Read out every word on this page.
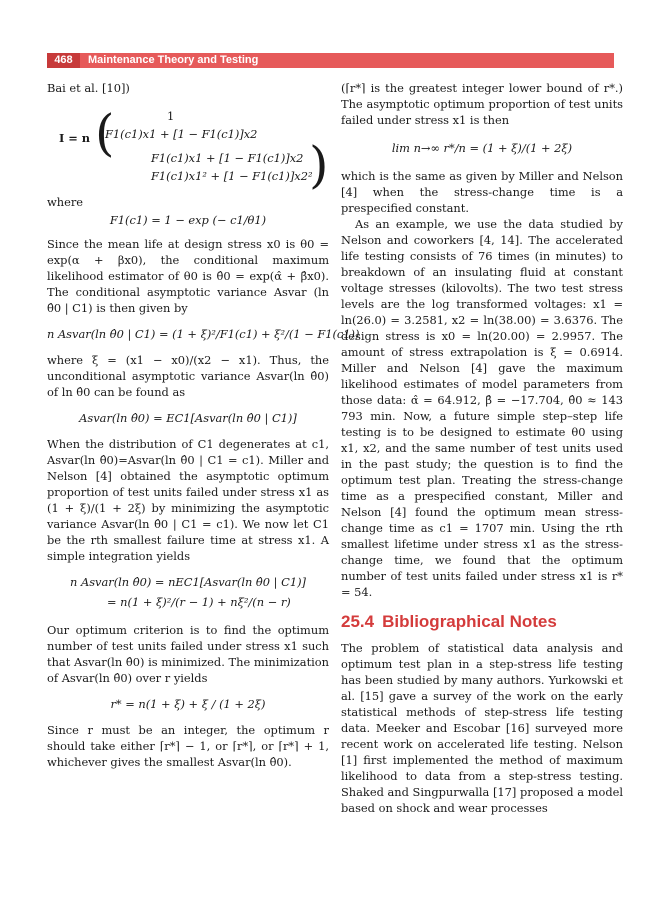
468	Maintenance Theory and Testing

Bai et al. [10])

I = n (	1
F1(c1)x1 + [1 − F1(c1)]x2
F1(c1)x1 + [1 − F1(c1)]x2
F1(c1)x1² + [1 − F1(c1)]x2²
)

where

F1(c1) = 1 − exp (− c1/θ1)

Since the mean life at design stress x0 is θ0 = exp(α + βx0), the conditional maximum likelihood estimator of θ0 is θ̂0 = exp(α̂ + β̂x0). The conditional asymptotic variance Asvar (ln θ̂0 | C1) is then given by

n Asvar(ln θ̂0 | C1) = (1 + ξ)²/F1(c1) + ξ²/(1 − F1(c1))

where ξ = (x1 − x0)/(x2 − x1). Thus, the unconditional asymptotic variance Asvar(ln θ̂0) of ln θ̂0 can be found as

Asvar(ln θ̂0) = EC1[Asvar(ln θ̂0 | C1)]

When the distribution of C1 degenerates at c1, Asvar(ln θ̂0)=Asvar(ln θ̂0 | C1 = c1). Miller and Nelson [4] obtained the asymptotic optimum proportion of test units failed under stress x1 as (1 + ξ)/(1 + 2ξ) by minimizing the asymptotic variance Asvar(ln θ̂0 | C1 = c1). We now let C1 be the rth smallest failure time at stress x1. A simple integration yields

n Asvar(ln θ̂0) = nEC1[Asvar(ln θ̂0 | C1)]
= n(1 + ξ)²/(r − 1) + nξ²/(n − r)

Our optimum criterion is to find the optimum number of test units failed under stress x1 such that Asvar(ln θ̂0) is minimized. The minimization of Asvar(ln θ̂0) over r yields

r* = n(1 + ξ) + ξ / (1 + 2ξ)

Since r must be an integer, the optimum r should take either ⌈r*⌉ − 1, or ⌈r*⌉, or ⌈r*⌉ + 1, whichever gives the smallest Asvar(ln θ̂0).

(⌈r*⌉ is the greatest integer lower bound of r*.) The asymptotic optimum proportion of test units failed under stress x1 is then

lim n→∞ r*/n = (1 + ξ)/(1 + 2ξ)

which is the same as given by Miller and Nelson [4] when the stress-change time is a prespecified constant.

As an example, we use the data studied by Nelson and coworkers [4, 14]. The accelerated life testing consists of 76 times (in minutes) to breakdown of an insulating fluid at constant voltage stresses (kilovolts). The two test stress levels are the log transformed voltages: x1 = ln(26.0) = 3.2581, x2 = ln(38.00) = 3.6376. The design stress is x0 = ln(20.00) = 2.9957. The amount of stress extrapolation is ξ = 0.6914. Miller and Nelson [4] gave the maximum likelihood estimates of model parameters from those data: α̂ = 64.912, β̂ = −17.704, θ̂0 ≈ 143 793 min. Now, a future simple step–step life testing is to be designed to estimate θ0 using x1, x2, and the same number of test units used in the past study; the question is to find the optimum test plan. Treating the stress-change time as a prespecified constant, Miller and Nelson [4] found the optimum mean stress-change time as c1 = 1707 min. Using the rth smallest lifetime under stress x1 as the stress-change time, we found that the optimum number of test units failed under stress x1 is r* = 54.

25.4 Bibliographical Notes

The problem of statistical data analysis and optimum test plan in a step-stress life testing has been studied by many authors. Yurkowski et al. [15] gave a survey of the work on the early statistical methods of step-stress life testing data. Meeker and Escobar [16] surveyed more recent work on accelerated life testing. Nelson [1] first implemented the method of maximum likelihood to data from a step-stress testing. Shaked and Singpurwalla [17] proposed a model based on shock and wear processes
